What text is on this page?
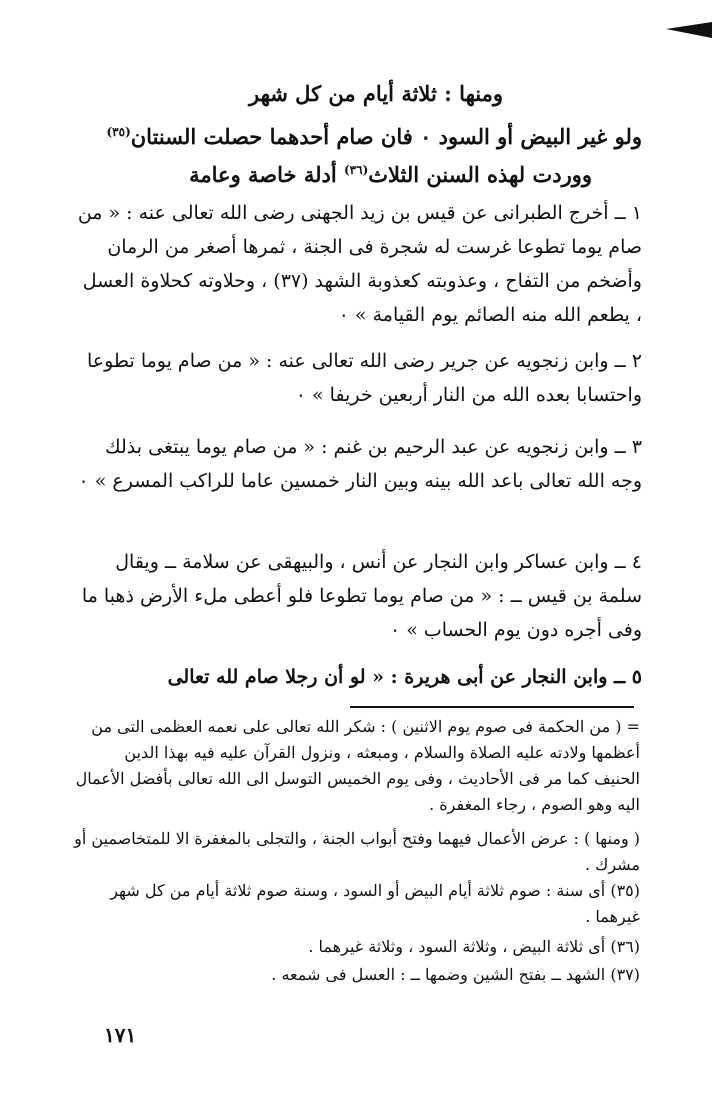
ومنها : ثلاثة أيام من كل شهر
ولو غير البيض أو السود ٠ فان صام أحدهما حصلت السنتان$^{(٣٥)}$
ووردت لهذه السنن الثلاث$^{(٣٦)}$ أدلة خاصة وعامة
١ ــ أخرج الطبرانى عن قيس بن زيد الجهنى رضى الله تعالى عنه : « من صام يوما تطوعا غرست له شجرة فى الجنة ، ثمرها أصغر من الرمان وأضخم من التفاح ، وعذوبته كعذوبة الشهد (٣٧) ، وحلاوته كحلاوة العسل ، يطعم الله منه الصائم يوم القيامة » ٠
٢ ــ وابن زنجويه عن جرير رضى الله تعالى عنه : « من صام يوما تطوعا واحتسابا بعده الله من النار أربعين خريفا » ٠
٣ ــ وابن زنجويه عن عبد الرحيم بن غنم : « من صام يوما يبتغى بذلك وجه الله تعالى باعد الله بينه وبين النار خمسين عاما للراكب المسرع » ٠
٤ ــ وابن عساكر وابن النجار عن أنس ، والبيهقى عن سلامة ــ ويقال سلمة بن قيس ــ : « من صام يوما تطوعا فلو أعطى ملء الأرض ذهبا ما وفى أجره دون يوم الحساب » ٠
٥ ــ وابن النجار عن أبى هريرة : « لو أن رجلا صام لله تعالى
= ( من الحكمة فى صوم يوم الاثنين ) : شكر الله تعالى على نعمه العظمى التى من أعظمها ولادته عليه الصلاة والسلام ، ومبعثه ، ونزول القرآن عليه فيه بهذا الدين الحنيف كما مر فى الأحاديث ، وفى يوم الخميس التوسل الى الله تعالى بأفضل الأعمال اليه وهو الصوم ، رجاء المغفرة .
( ومنها ) : عرض الأعمال فيهما وفتح أبواب الجنة ، والتجلى بالمغفرة الا للمتخاصمين أو مشرك .
(٣٥) أى سنة : صوم ثلاثة أيام البيض أو السود ، وسنة صوم ثلاثة أيام من كل شهر غيرهما .
(٣٦) أى ثلاثة البيض ، وثلاثة السود ، وثلاثة غيرهما .
(٣٧) الشهد ــ بفتح الشين وضمها ــ : العسل فى شمعه .
١٧١
